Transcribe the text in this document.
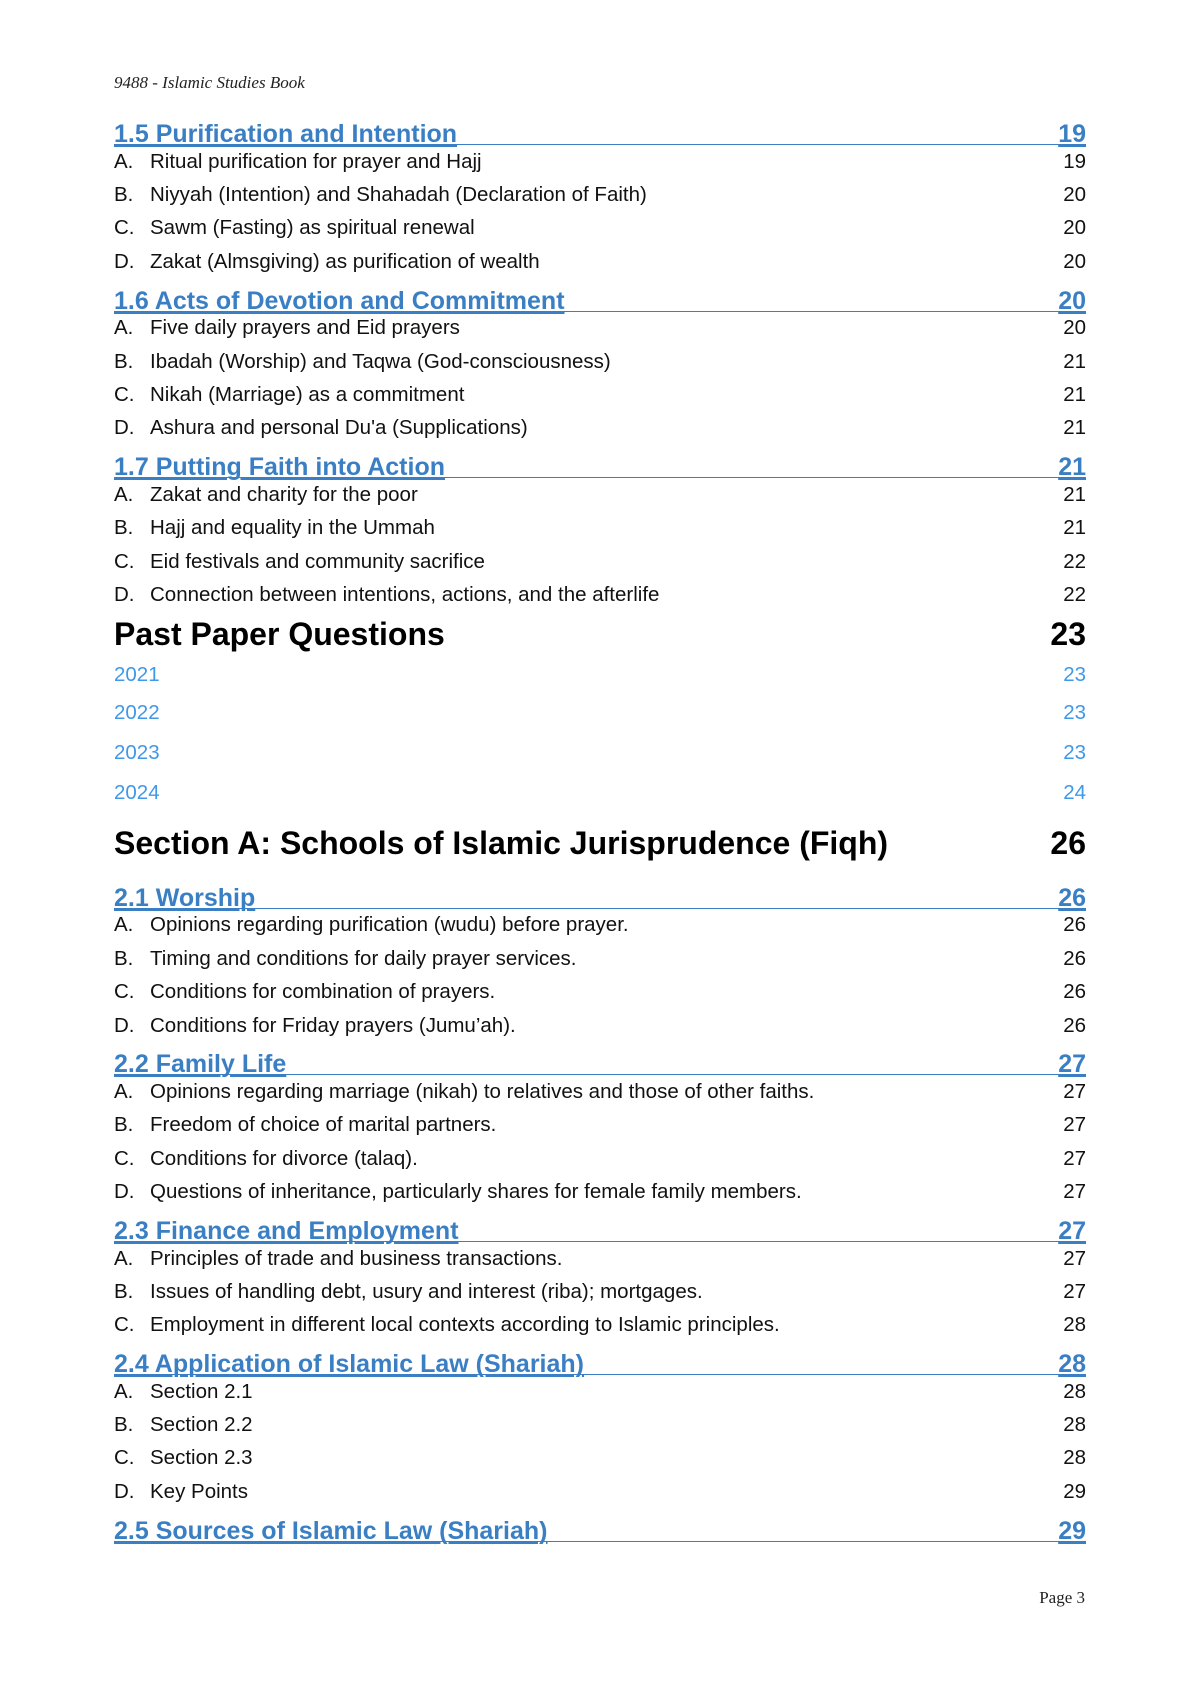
9488 - Islamic Studies Book
1.5 Purification and Intention	19
A. Ritual purification for prayer and Hajj	19
B. Niyyah (Intention) and Shahadah (Declaration of Faith)	20
C. Sawm (Fasting) as spiritual renewal	20
D. Zakat (Almsgiving) as purification of wealth	20
1.6 Acts of Devotion and Commitment	20
A. Five daily prayers and Eid prayers	20
B. Ibadah (Worship) and Taqwa (God-consciousness)	21
C. Nikah (Marriage) as a commitment	21
D. Ashura and personal Du'a (Supplications)	21
1.7 Putting Faith into Action	21
A. Zakat and charity for the poor	21
B. Hajj and equality in the Ummah	21
C. Eid festivals and community sacrifice	22
D. Connection between intentions, actions, and the afterlife	22
Past Paper Questions	23
2021	23
2022	23
2023	23
2024	24
Section A: Schools of Islamic Jurisprudence (Fiqh)	26
2.1 Worship	26
A. Opinions regarding purification (wudu) before prayer.	26
B. Timing and conditions for daily prayer services.	26
C. Conditions for combination of prayers.	26
D. Conditions for Friday prayers (Jumu’ah).	26
2.2 Family Life	27
A. Opinions regarding marriage (nikah) to relatives and those of other faiths.	27
B. Freedom of choice of marital partners.	27
C. Conditions for divorce (talaq).	27
D. Questions of inheritance, particularly shares for female family members.	27
2.3 Finance and Employment	27
A. Principles of trade and business transactions.	27
B. Issues of handling debt, usury and interest (riba); mortgages.	27
C. Employment in different local contexts according to Islamic principles.	28
2.4 Application of Islamic Law (Shariah)	28
A. Section 2.1	28
B. Section 2.2	28
C. Section 2.3	28
D. Key Points	29
2.5 Sources of Islamic Law (Shariah)	29
Page 3
